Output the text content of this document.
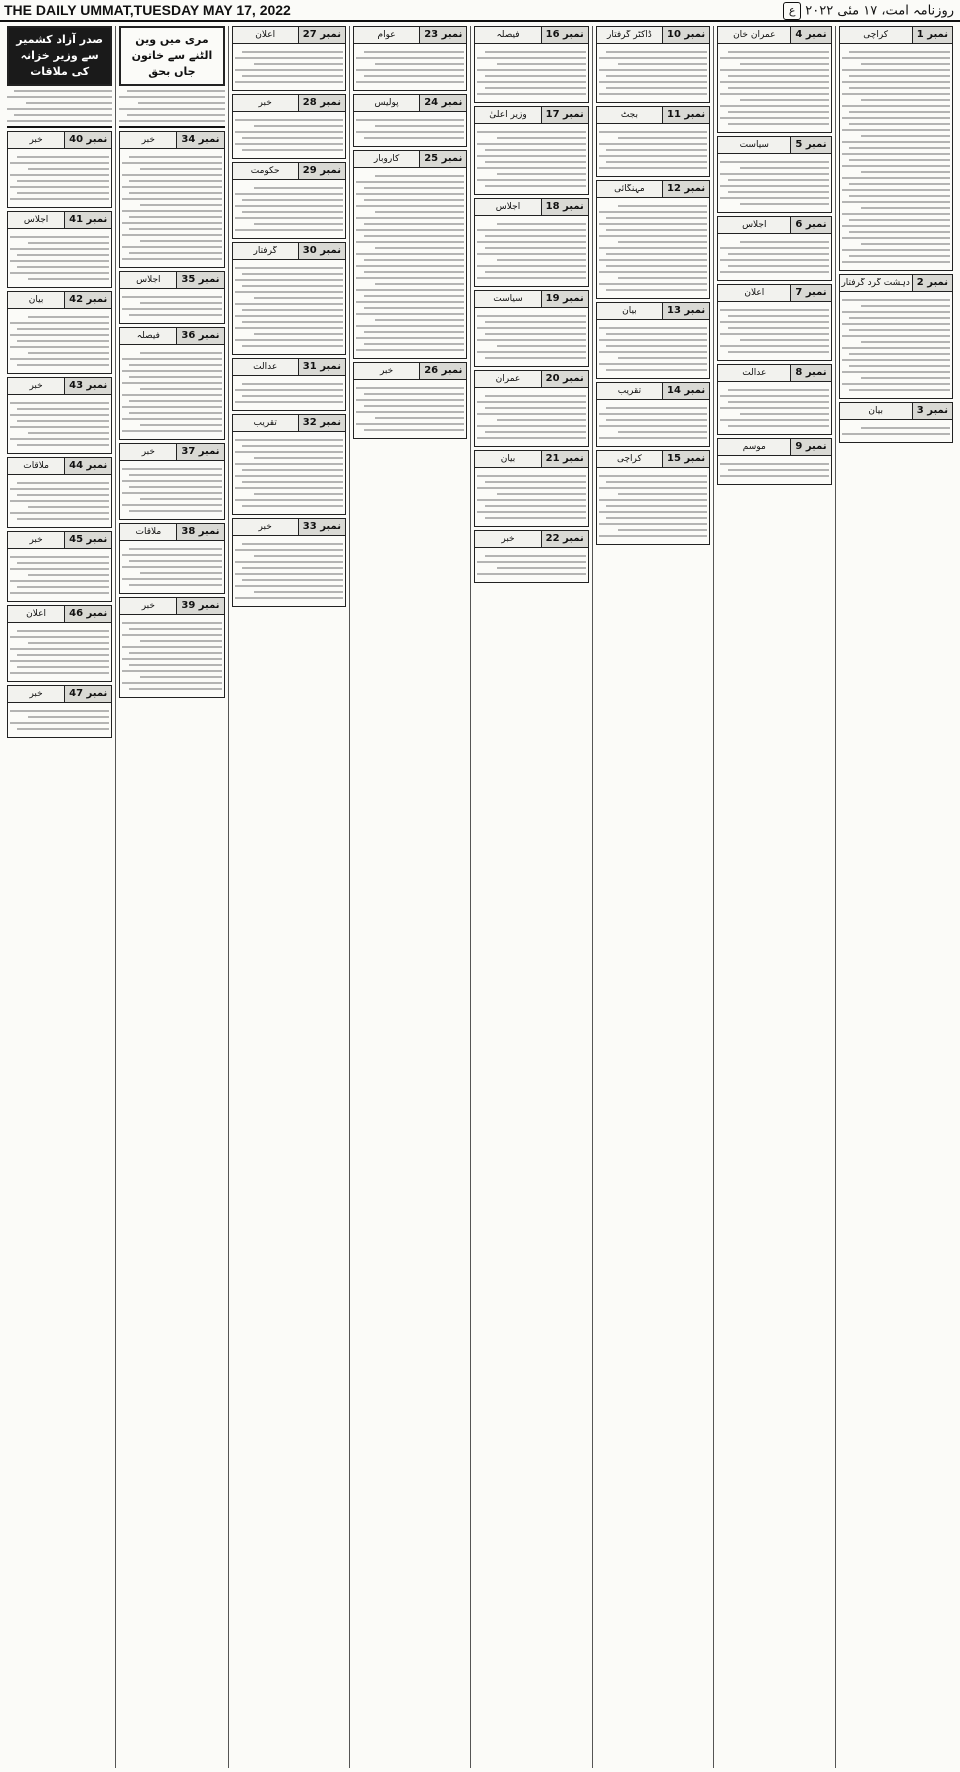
THE DAILY UMMAT,TUESDAY MAY 17, 2022	روزنامہ امت، ۱۷ مئی ۲۰۲۲ ع
نمبر 1
کراچی
نمبر 2
دہشت گرد گرفتار
نمبر 3
بیان
نمبر 4
عمران خان
نمبر 5
سیاست
نمبر 6
اجلاس
نمبر 7
اعلان
نمبر 8
عدالت
نمبر 9
موسم
نمبر 10
ڈاکٹر گرفتار
نمبر 11
بجٹ
نمبر 12
مہنگائی
نمبر 13
بیان
نمبر 14
تقریب
نمبر 15
کراچی
نمبر 16
فیصلہ
نمبر 17
وزیر اعلیٰ
نمبر 18
اجلاس
نمبر 19
سیاست
نمبر 20
عمران
نمبر 21
بیان
نمبر 22
خبر
نمبر 23
عوام
نمبر 24
پولیس
نمبر 25
کاروبار
نمبر 26
خبر
نمبر 27
اعلان
نمبر 28
خبر
نمبر 29
حکومت
نمبر 30
گرفتار
نمبر 31
عدالت
نمبر 32
تقریب
نمبر 33
خبر
مری میں وین الٹنے سے خاتون جاں بحق
نمبر 34
خبر
نمبر 35
اجلاس
نمبر 36
فیصلہ
نمبر 37
خبر
نمبر 38
ملاقات
نمبر 39
خبر
صدر آزاد کشمیر سے وزیر خزانہ کی ملاقات
نمبر 40
خبر
نمبر 41
اجلاس
نمبر 42
بیان
نمبر 43
خبر
نمبر 44
ملاقات
نمبر 45
خبر
نمبر 46
اعلان
نمبر 47
خبر
